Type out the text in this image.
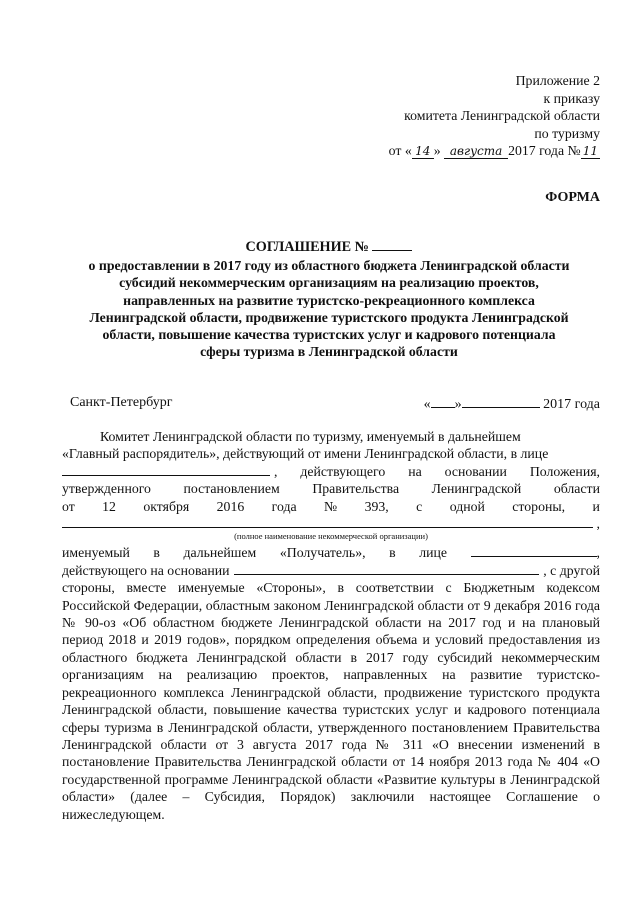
Приложение 2
к приказу
комитета Ленинградской области
по туризму
от « 14 » августа 2017 года № 11
ФОРМА
СОГЛАШЕНИЕ №
о предоставлении в 2017 году из областного бюджета Ленинградской области
субсидий некоммерческим организациям на реализацию проектов,
направленных на развитие туристско-рекреационного комплекса
Ленинградской области, продвижение туристского продукта Ленинградской
области, повышение качества туристских услуг и кадрового потенциала
сферы туризма в Ленинградской области
Санкт-Петербург	« »	2017 года

Комитет Ленинградской области по туризму, именуемый в дальнейшем

«Главный распорядитель», действующий от имени Ленинградской области, в лице

, действующего на основании Положения,
утвержденного постановлением Правительства Ленинградской области
от 12 октября 2016 года № 393, с одной стороны, и
,
(полное наименование некоммерческой организации)
именуемый в дальнейшем «Получатель», в лице	,
действующего на основании	, с другой

стороны, вместе именуемые «Стороны», в соответствии с Бюджетным кодексом Российской Федерации, областным законом Ленинградской области от 9 декабря 2016 года № 90-оз «Об областном бюджете Ленинградской области на 2017 год и на плановый период 2018 и 2019 годов», порядком определения объема и условий предоставления из областного бюджета Ленинградской области в 2017 году субсидий некоммерческим организациям на реализацию проектов, направленных на развитие туристско-рекреационного комплекса Ленинградской области, продвижение туристского продукта Ленинградской области, повышение качества туристских услуг и кадрового потенциала сферы туризма в Ленинградской области, утвержденного постановлением Правительства Ленинградской области от 3 августа 2017 года № 311 «О внесении изменений в постановление Правительства Ленинградской области от 14 ноября 2013 года № 404 «О государственной программе Ленинградской области «Развитие культуры в Ленинградской области» (далее – Субсидия, Порядок) заключили настоящее Соглашение о нижеследующем.
